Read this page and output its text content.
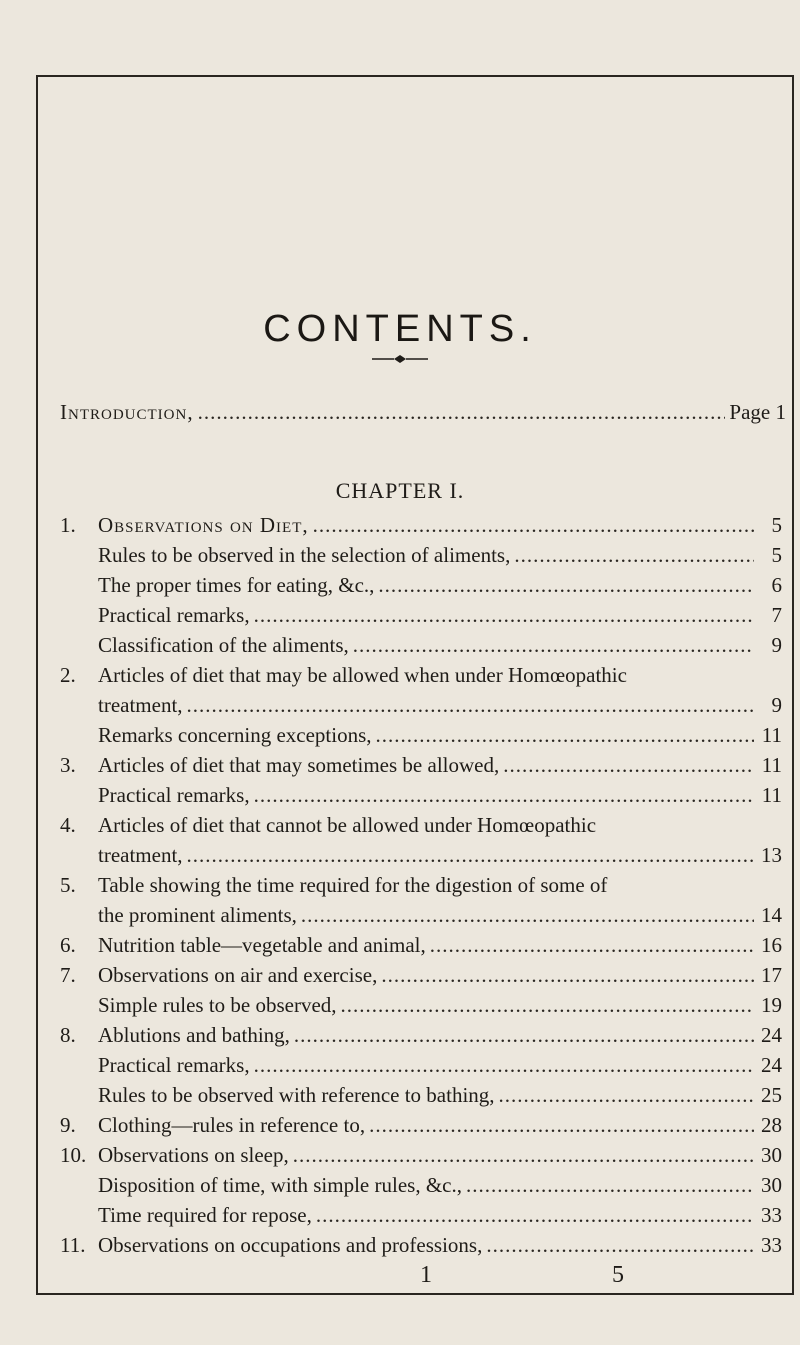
CONTENTS.
Introduction, .....	Page 1
CHAPTER I.
1.	Observations on Diet, .....	5
Rules to be observed in the selection of aliments, .....	5
The proper times for eating, &c., .....	6
Practical remarks, .....	7
Classification of the aliments, .....	9
2. Articles of diet that may be allowed when under Homœopathic
treatment, .....	9
Remarks concerning exceptions, .....	11
3.	Articles of diet that may sometimes be allowed, .....	11
Practical remarks, .....	11
4. Articles of diet that cannot be allowed under Homœopathic
treatment, .....	13
5. Table showing the time required for the digestion of some of
the prominent aliments, .....	14
6.	Nutrition table—vegetable and animal, .....	16
7.	Observations on air and exercise, .....	17
Simple rules to be observed, .....	19
8.	Ablutions and bathing, .....	24
Practical remarks, .....	24
Rules to be observed with reference to bathing, .....	25
9.	Clothing—rules in reference to, .....	28
10. Observations on sleep, .....	30
Disposition of time, with simple rules, &c., .....	30
Time required for repose, .....	33
11. Observations on occupations and professions, .....	33
1	5
